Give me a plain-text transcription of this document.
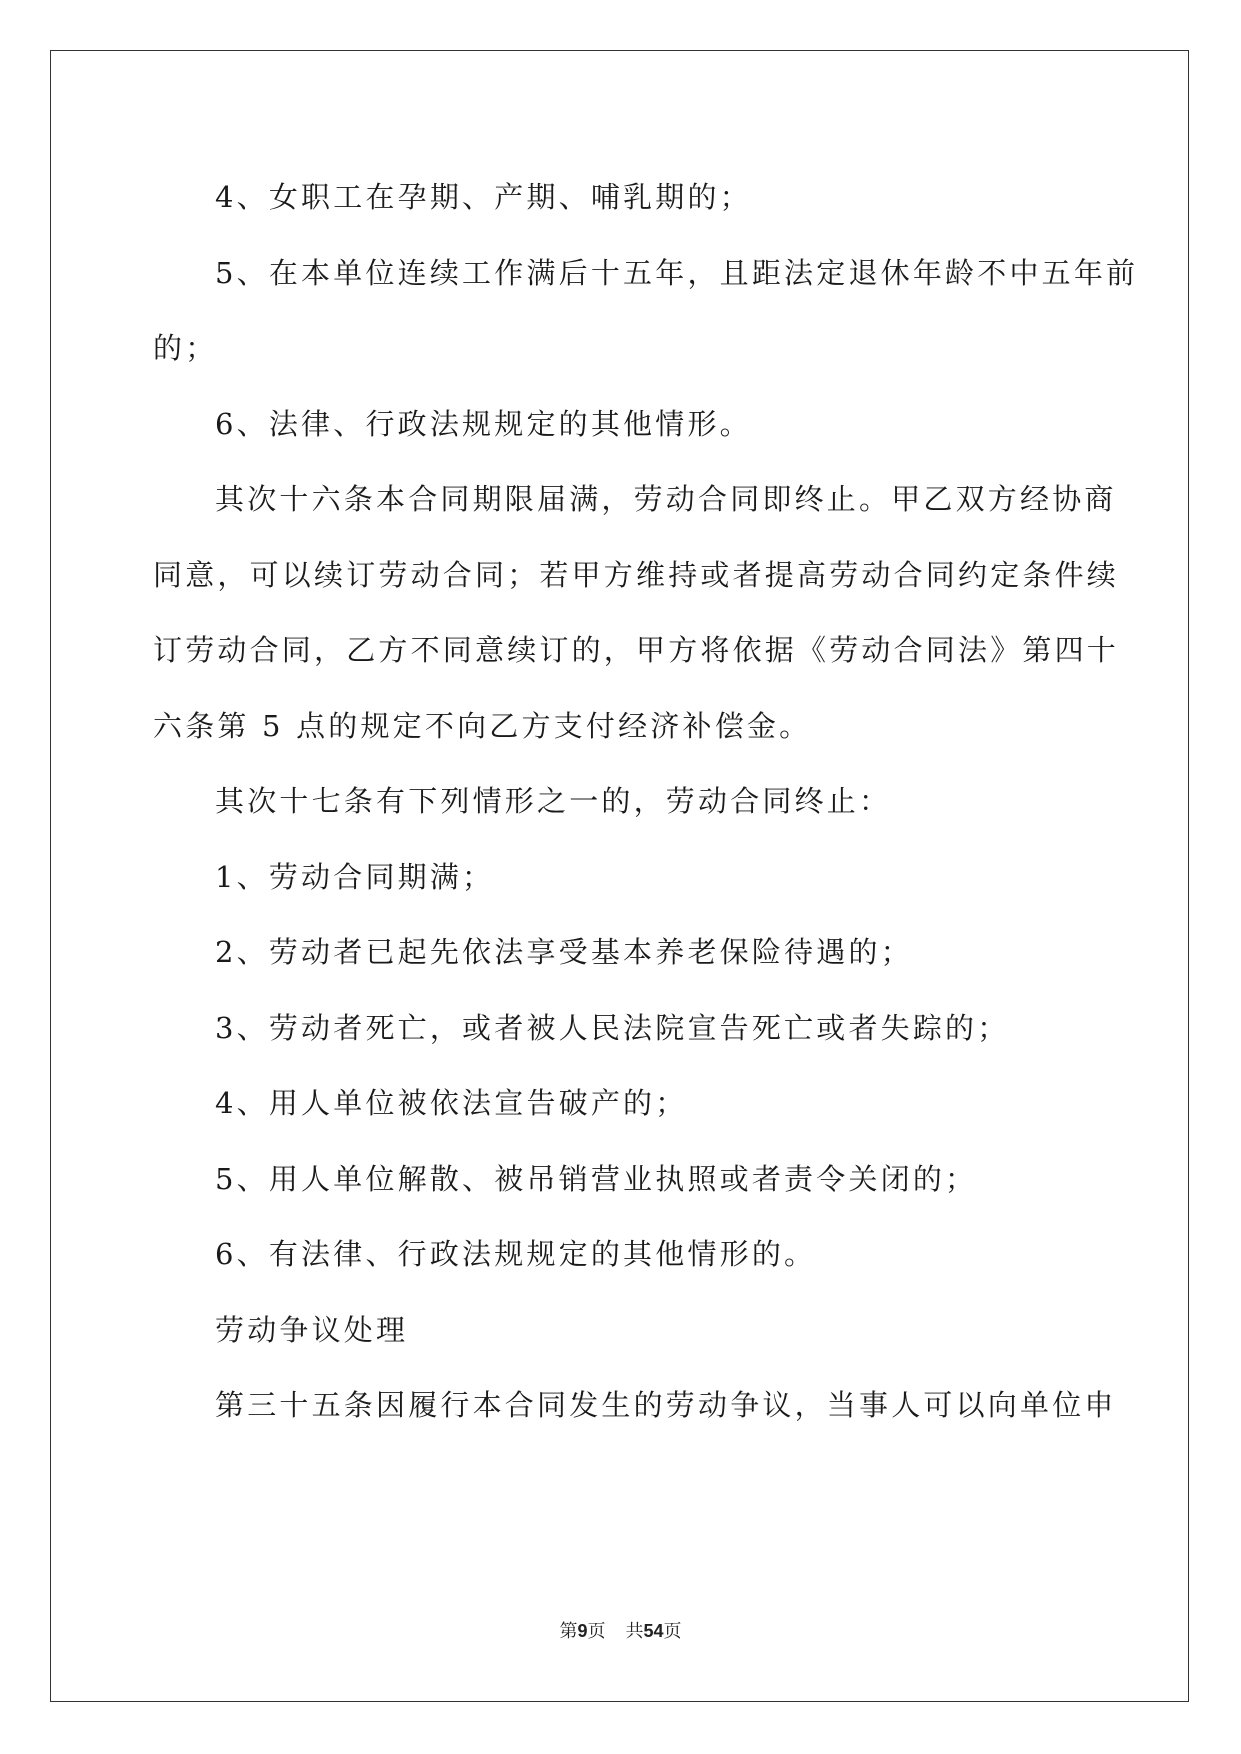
4、女职工在孕期、产期、哺乳期的；
5、在本单位连续工作满后十五年，且距法定退休年龄不中五年前
的；
6、法律、行政法规规定的其他情形。
其次十六条本合同期限届满，劳动合同即终止。甲乙双方经协商
同意，可以续订劳动合同；若甲方维持或者提高劳动合同约定条件续
订劳动合同，乙方不同意续订的，甲方将依据《劳动合同法》第四十
六条第 5 点的规定不向乙方支付经济补偿金。
其次十七条有下列情形之一的，劳动合同终止：
1、劳动合同期满；
2、劳动者已起先依法享受基本养老保险待遇的；
3、劳动者死亡，或者被人民法院宣告死亡或者失踪的；
4、用人单位被依法宣告破产的；
5、用人单位解散、被吊销营业执照或者责令关闭的；
6、有法律、行政法规规定的其他情形的。
劳动争议处理
第三十五条因履行本合同发生的劳动争议，当事人可以向单位申
第9页 共54页
